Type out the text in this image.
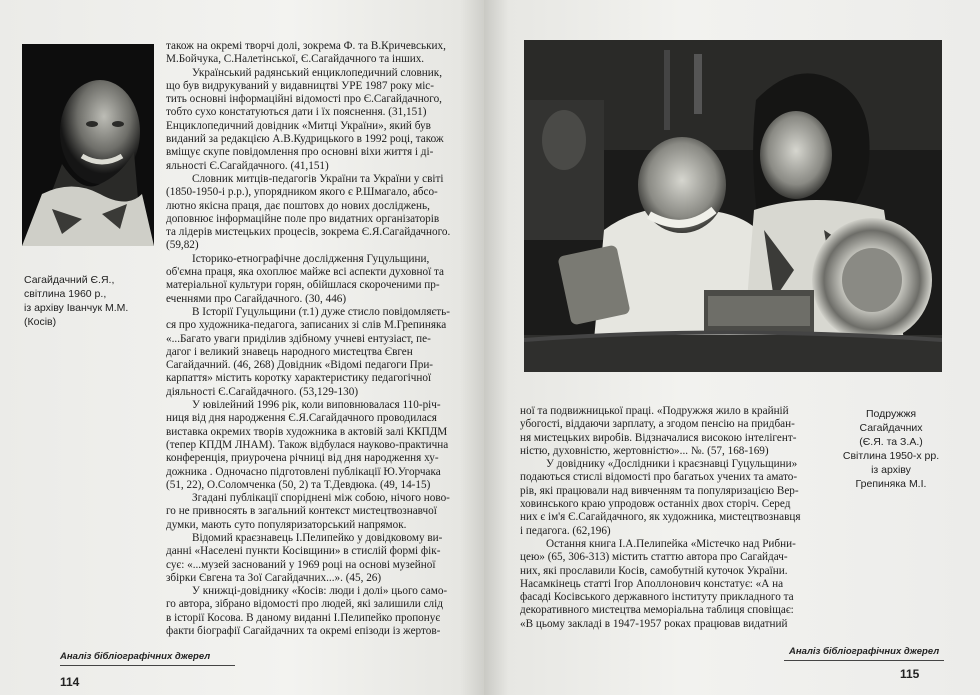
Сагайдачний Є.Я.,
світлина 1960 р.,
із архіву Іванчук М.М.
(Косів)
також на окремі творчі долі, зокрема Ф. та В.Кричевських,
М.Бойчука, С.Налетінської, Є.Сагайдачного та інших.
Український радянський енциклопедичний словник,
що був видрукуваний у видавництві УРЕ 1987 року міс-
тить основні інформаційні відомості про Є.Сагайдачного,
тобто сухо констатуються дати і їх пояснення. (31,151)
Енциклопедичний довідник «Митці України», який був
виданий за редакцією А.В.Кудрицького в 1992 році, також
вміщує скупе повідомлення про основні віхи життя і ді-
яльності Є.Сагайдачного. (41,151)
Словник митців-педагогів України та України у світі
(1850-1950-і р.р.), упорядником якого є Р.Шмагало, абсо-
лютно якісна праця, дає поштовх до нових досліджень,
доповнює інформаційне поле про видатних організаторів
та лідерів мистецьких процесів, зокрема Є.Я.Сагайдачного.
(59,82)
Історико-етнографічне дослідження Гуцульщини,
об'ємна праця, яка охоплює майже всі аспекти духовної та
матеріальної культури горян, обійшлася скороченими пр-
еченнями про Сагайдачного. (30, 446)
В Історії Гуцульщини (т.1) дуже стисло повідомляєть-
ся про художника-педагога, записаних зі слів М.Грепиняка
«...Багато уваги приділив здібному учневі ентузіаст, пе-
дагог і великий знавець народного мистецтва Євген
Сагайдачний. (46, 268) Довідник «Відомі педагоги При-
карпаття» містить коротку характеристику педагогічної
діяльності Є.Сагайдачного. (53,129-130)
У ювілейний 1996 рік, коли виповнювалася 110-річ-
ниця від дня народження Є.Я.Сагайдачного проводилася
виставка окремих творів художника в актовій залі ККПДМ
(тепер КПДМ ЛНАМ). Також відбулася науково-практична
конференція, приурочена річниці від дня народження ху-
дожника . Одночасно підготовлені публікації Ю.Угорчака
(51, 22), О.Соломченка (50, 2) та Т.Девдюка. (49, 14-15)
Згадані публікації споріднені між собою, нічого ново-
го не привносять в загальний контекст мистецтвознавчої
думки, мають суто популяризаторський напрямок.
Відомий краєзнавець І.Пелипейко у довідковому ви-
данні «Населені пункти Косівщини» в стислій формі фік-
сує: «...музей заснований у 1969 році на основі музейної
збірки Євгена та Зої Сагайдачних...». (45, 26)
У книжці-довіднику «Косів: люди і долі» цього само-
го автора, зібрано відомості про людей, які залишили слід
в історії Косова. В даному виданні І.Пелипейко пропонує
факти біографії Сагайдачних та окремі епізоди із жертов-
Аналіз бібліографічних джерел
114
Подружжя
Сагайдачних
(Є.Я. та З.А.)
Світлина 1950-х рр.
із архіву
Грепиняка М.І.
ної та подвижницької праці. «Подружжя жило в крайній
убогості, віддаючи зарплату, а згодом пенсію на придбан-
ня мистецьких виробів. Відзначалися високою інтелігент-
ністю, духовністю, жертовністю»... №. (57, 168-169)
У довіднику «Дослідники і краєзнавці Гуцульщини»
подаються стислі відомості про багатьох учених та амато-
рів, які працювали над вивченням та популяризацією Вер-
ховинського краю упродовж останніх двох сторіч. Серед
них є ім'я Є.Сагайдачного, як художника, мистецтвознавця
і педагога. (62,196)
Остання книга І.А.Пелипейка «Містечко над Рибни-
цею» (65, 306-313) містить статтю автора про Сагайдач-
них, які прославили Косів, самобутній куточок України.
Насамкінець статті Ігор Аполлонович констатує: «А на
фасаді Косівського державного інституту прикладного та
декоративного мистецтва меморіальна таблиця сповіщає:
«В цьому закладі в 1947-1957 роках працював видатний
Аналіз бібліографічних джерел
115
